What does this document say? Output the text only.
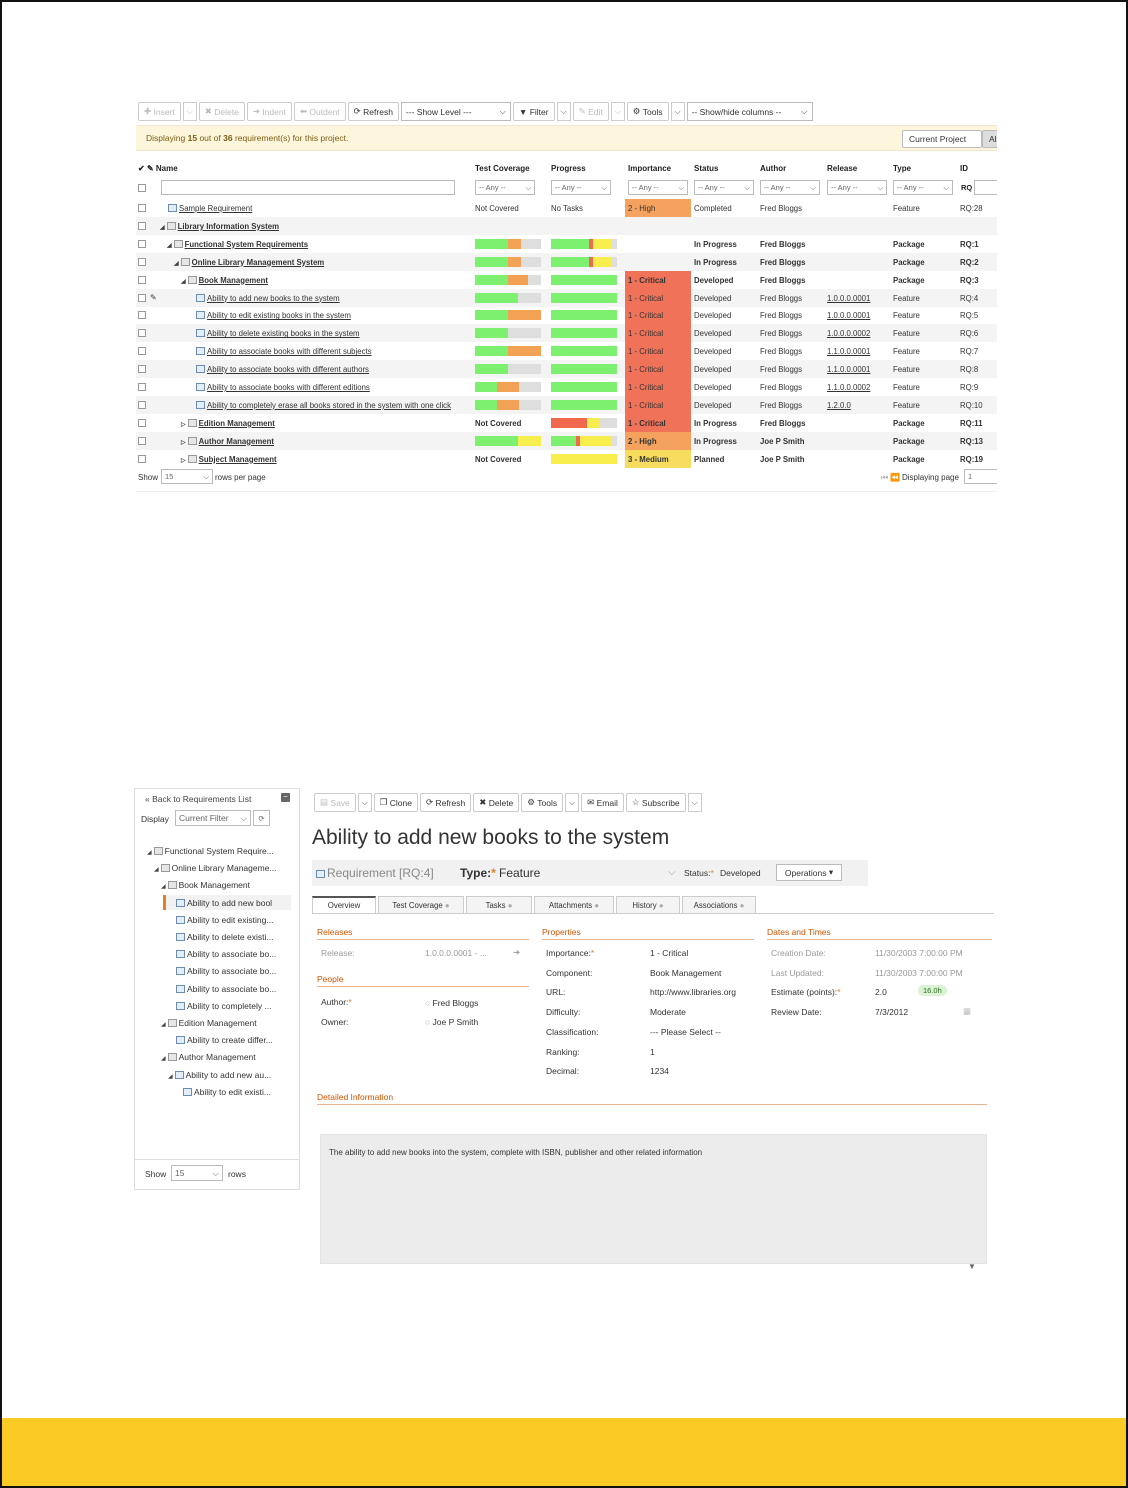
✚ Insert	⌵	✖ Delete ➜ Indent ⬅ Outdent ⟳ Refresh --- Show Level ---	⌵ ▼ Filter	⌵	✎ Edit	⌵	⚙ Tools	⌵	-- Show/hide columns -- ⌵
Displaying 15 out of 36 requirement(s) for this project.	Current Project	Al
✔ ✎ Name	Test Coverage	Progress	Importance	Status	Author	Release	Type	ID
-- Any --	⌵	-- Any --	⌵	-- Any --	⌵ -- Any --	⌵ -- Any --	⌵ -- Any --	⌵ -- Any --	⌵	RQ
Sample Requirement	Not Covered	No Tasks	2 - High	Completed	Fred Bloggs	Feature	RQ:28
◢ Library Information System
◢ Functional System Requirements	In Progress	Fred Bloggs	Package	RQ:1
◢ Online Library Management System	In Progress	Fred Bloggs	Package	RQ:2
◢ Book Management	1 - Critical	Developed	Fred Bloggs	Package	RQ:3
✎	Ability to add new books to the system	1 - Critical	Developed	Fred Bloggs	1.0.0.0.0001	Feature	RQ:4
Ability to edit existing books in the system	1 - Critical	Developed	Fred Bloggs	1.0.0.0.0001	Feature	RQ:5
Ability to delete existing books in the system	1 - Critical	Developed	Fred Bloggs	1.0.0.0.0002	Feature	RQ:6
Ability to associate books with different subjects	1 - Critical	Developed	Fred Bloggs	1.1.0.0.0001	Feature	RQ:7
Ability to associate books with different authors	1 - Critical	Developed	Fred Bloggs	1.1.0.0.0001	Feature	RQ:8
Ability to associate books with different editions	1 - Critical	Developed	Fred Bloggs	1.1.0.0.0002	Feature	RQ:9
Ability to completely erase all books stored in the system with one click	1 - Critical	Developed	Fred Bloggs	1.2.0.0	Feature	RQ:10
▷ Edition Management	Not Covered	1 - Critical	In Progress	Fred Bloggs	Package	RQ:11
▷ Author Management	2 - High	In Progress	Joe P Smith	Package	RQ:13
▷ Subject Management	Not Covered	3 - Medium	Planned	Joe P Smith	Package	RQ:19
Show 15	⌵ rows per page	⏮ ⏪ Displaying page 1
« Back to Requirements List	−
Display Current Filter ⌵	⟳
◢ Functional System Require...
◢ Online Library Manageme...
◢ Book Management
Ability to add new bool
Ability to edit existing...
Ability to delete existi...
Ability to associate bo...
Ability to associate bo...
Ability to associate bo...
Ability to completely ...
◢ Edition Management
Ability to create differ...
◢ Author Management
◢ Ability to add new au...
Ability to edit existi...
Show 15	⌵ rows
▤ Save	⌵	❐ Clone ⟳ Refresh ✖ Delete ⚙ Tools	⌵	✉ Email ☆ Subscribe	⌵
Ability to add new books to the system
Requirement [RQ:4] Type:* Feature	⌵ Status:* Developed	Operations ▾
Overview	Test Coverage
●	Tasks
●	Attachments
●	History
●	Associations
●
Releases
Release:	1.0.0.0.0001 - ...	➔
People
Author:*	○ Fred Bloggs
Owner:	○ Joe P Smith
Properties
Importance:*	1 - Critical
Component:	Book Management
URL:	http://www.libraries.org
Difficulty:	Moderate
Classification:	--- Please Select --
Ranking:	1
Decimal:	1234
Dates and Times
Creation Date:	11/30/2003 7:00:00 PM
Last Updated:	11/30/2003 7:00:00 PM
Estimate (points):*	2.0	16.0h
Review Date:	7/3/2012	▦
Detailed Information
The ability to add new books into the system, complete with ISBN, publisher and other related information
▼
